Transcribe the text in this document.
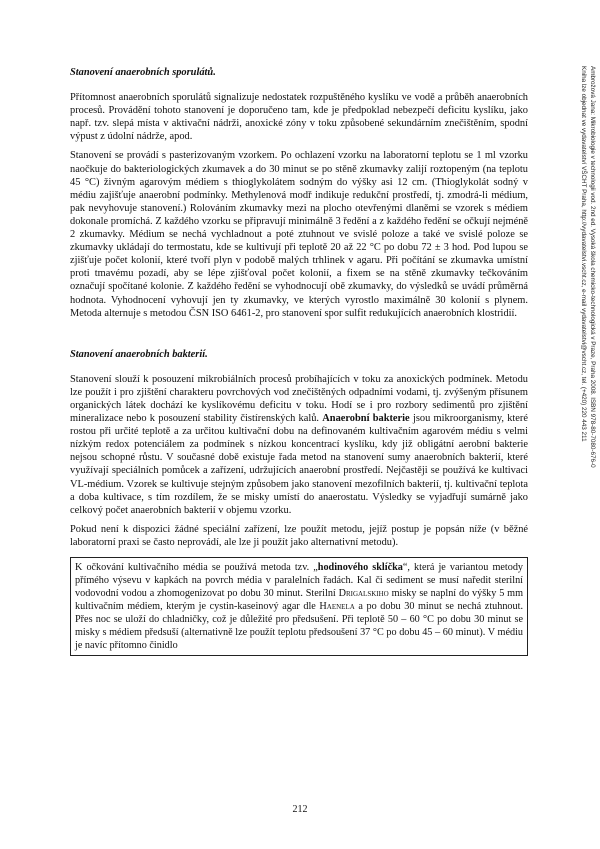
Ambrožová Jana: Mikrobiologie v technologii vod. 2nd ed. Vysoká škola chemicko-technologická v Praze, Praha 2008. ISBN 978-80-7080-676-0
Kniha lze objednat ve vydavatelství VŠCHT Praha, http://vydavatelstvi.vscht.cz, e-mail vydavatelstvi@vscht.cz, tel. (+420) 220 443 211
Stanovení anaerobních sporulátů.

Přítomnost anaerobních sporulátů signalizuje nedostatek rozpuštěného kyslíku ve vodě a průběh anaerobních procesů. Provádění tohoto stanovení je doporučeno tam, kde je předpoklad nebezpečí deficitu kyslíku, jako např. tzv. slepá místa v aktivační nádrži, anoxické zóny v toku způsobené sekundárním znečištěním, spodní výpust z údolní nádrže, apod.

Stanovení se provádí s pasterizovaným vzorkem. Po ochlazení vzorku na laboratorní teplotu se 1 ml vzorku naočkuje do bakteriologických zkumavek a do 30 minut se po stěně zkumavky zalijí roztopeným (na teplotu 45 °C) živným agarovým médiem s thioglykolátem sodným do výšky asi 12 cm. (Thioglykolát sodný v médiu zajišťuje anaerobní podmínky. Methylenová modř indikuje redukční prostředí, tj. zmodrá-li médium, pak nevyhovuje stanovení.) Rolováním zkumavky mezi na plocho otevřenými dlaněmi se vzorek s médiem dokonale promíchá. Z každého vzorku se připravují minimálně 3 ředění a z každého ředění se očkují nejméně 2 zkumavky. Médium se nechá vychladnout a poté ztuhnout ve svislé poloze a také ve svislé poloze se zkumavky ukládají do termostatu, kde se kultivují při teplotě 20 až 22 °C po dobu 72 ± 3 hod. Pod lupou se zjišťuje počet kolonií, které tvoří plyn v podobě malých trhlinek v agaru. Při počítání se zkumavka umístní proti tmavému pozadí, aby se lépe zjišťoval počet kolonií, a fixem se na stěně zkumavky tečkováním označují spočítané kolonie. Z každého ředění se vyhodnocují obě zkumavky, do výsledků se uvádí průměrná hodnota. Vyhodnocení vyhovují jen ty zkumavky, ve kterých vyrostlo maximálně 30 kolonií s plynem. Metoda alternuje s metodou ČSN ISO 6461-2, pro stanovení spor sulfit redukujících anaerobních klostridií.

Stanovení anaerobních bakterií.

Stanovení slouží k posouzení mikrobiálních procesů probíhajících v toku za anoxických podmínek. Metodu lze použít i pro zjištění charakteru povrchových vod znečištěných odpadními vodami, tj. zvýšeným přísunem organických látek dochází ke kyslíkovému deficitu v toku. Hodí se i pro rozbory sedimentů pro zjištění mineralizace nebo k posouzení stability čistírenských kalů. Anaerobní bakterie jsou mikroorganismy, které rostou při určité teplotě a za určitou kultivační dobu na definovaném kultivačním agarovém médiu s velmi nízkým redox potenciálem za podmínek s nízkou koncentrací kyslíku, kdy již obligátní aerobní bakterie nejsou schopné růstu. V současné době existuje řada metod na stanovení sumy anaerobních bakterií, které využívají speciálních pomůcek a zařízení, udržujících anaerobní prostředí. Nejčastěji se používá ke kultivaci VL-médium. Vzorek se kultivuje stejným způsobem jako stanovení mezofilních bakterií, tj. kultivační teplota a doba kultivace, s tím rozdílem, že se misky umístí do anaerostatu. Výsledky se vyjadřují sumárně jako celkový počet anaerobních bakterií v objemu vzorku.

Pokud není k dispozici žádné speciální zařízení, lze použít metodu, jejíž postup je popsán níže (v běžné laboratorní praxi se často neprovádí, ale lze ji použít jako alternativní metodu).

K očkování kultivačního média se používá metoda tzv. „hodinového sklíčka“, která je variantou metody přímého výsevu v kapkách na povrch média v paralelních řadách. Kal či sediment se musí naředit sterilní vodovodní vodou a zhomogenizovat po dobu 30 minut. Sterilní Drigalskiho misky se naplní do výšky 5 mm kultivačním médiem, kterým je cystin-kaseinový agar dle Haenela a po dobu 30 minut se nechá ztuhnout. Přes noc se uloží do chladničky, což je důležité pro předsušení. Při teplotě 50 – 60 °C po dobu 30 minut se misky s médiem předsuší (alternativně lze použít teplotu předsoušení 37 °C po dobu 45 – 60 minut). V médiu je navíc přítomno činidlo
212
